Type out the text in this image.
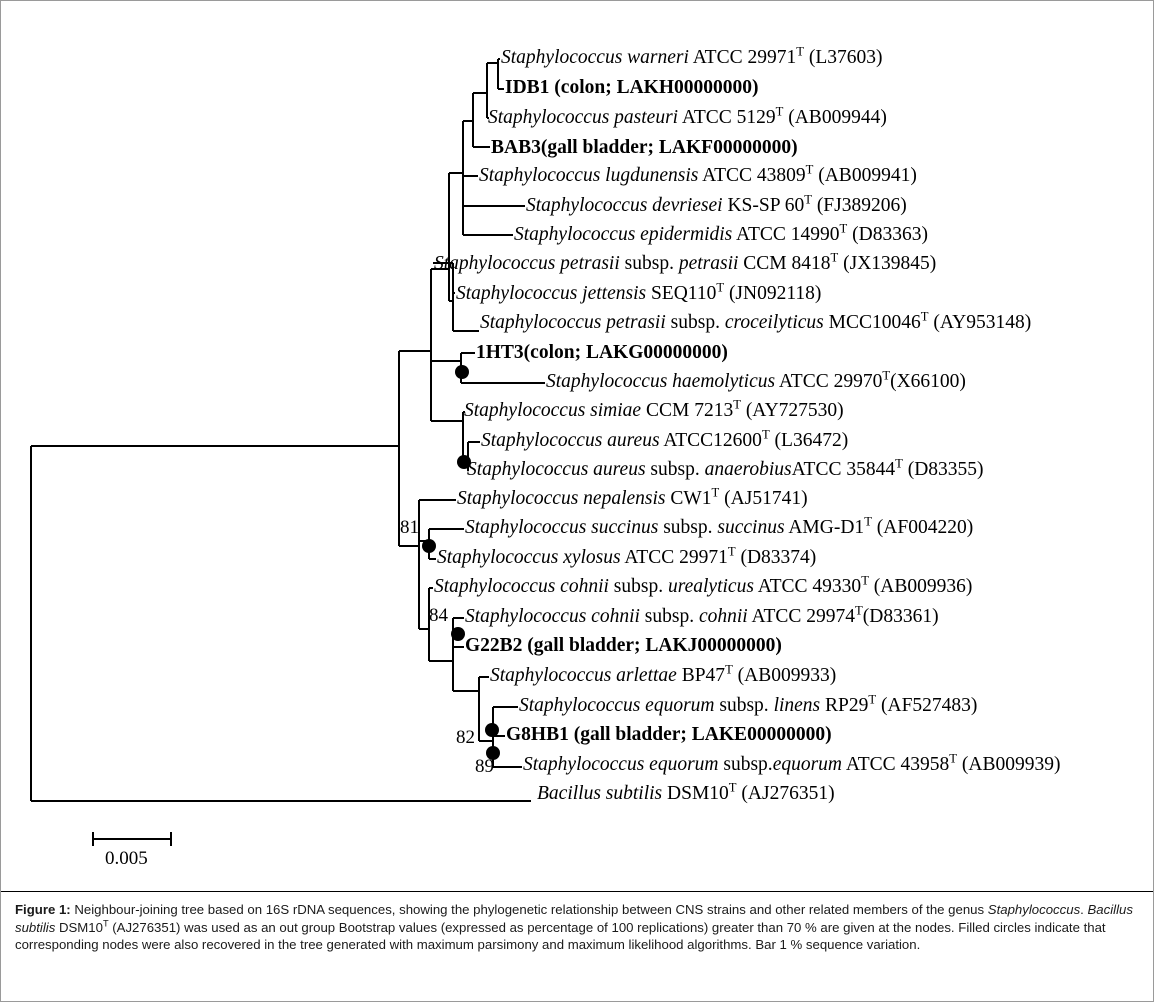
Staphylococcus warneri ATCC $29971^T$ (L37603)
IDB1 (colon; LAKH00000000)
Staphylococcus pasteuri ATCC $5129^T$ (AB009944)
BAB3(gall bladder; LAKF00000000)
Staphylococcus lugdunensis ATCC $43809^T$ (AB009941)
Staphylococcus devriesei KS-SP $60^T$ (FJ389206)
Staphylococcus epidermidis ATCC $14990^T$ (D83363)
Staphylococcus petrasii subsp. petrasii CCM $8418^T$ (JX139845)
Staphylococcus jettensis $SEQ110^T$ (JN092118)
Staphylococcus petrasii subsp. croceilyticus $MCC10046^T$ (AY953148)
1HT3(colon; LAKG00000000)
Staphylococcus haemolyticus ATCC $29970^T(X66100)$
Staphylococcus simiae CCM $7213^T$ (AY727530)
Staphylococcus aureus $ATCC12600^T$ (L36472)
Staphylococcus aureus subsp. anaerobiusATCC $35844^T$ (D83355)
Staphylococcus nepalensis $CW1^T$ (AJ51741)
Staphylococcus succinus subsp. succinus AMG-$D1^T$ (AF004220)
Staphylococcus xylosus ATCC $29971^T$ (D83374)
Staphylococcus cohnii subsp. urealyticus ATCC $49330^T$ (AB009936)
Staphylococcus cohnii subsp. cohnii ATCC $29974^T(D83361)$
G22B2 (gall bladder; LAKJ00000000)
Staphylococcus arlettae $BP47^T$ (AB009933)
Staphylococcus equorum subsp. linens $RP29^T$ (AF527483)
G8HB1 (gall bladder; LAKE00000000)
Staphylococcus equorum subsp.equorum ATCC $43958^T$ (AB009939)
Bacillus subtilis $DSM10^T$ (AJ276351)
81
84
82
89
0.005
Figure 1: Neighbour-joining tree based on 16S rDNA sequences, showing the phylogenetic relationship between CNS strains and other related members of the genus Staphylococcus. Bacillus subtilis $DSM10^T$ (AJ276351) was used as an out group Bootstrap values (expressed as percentage of 100 replications) greater than 70 % are given at the nodes. Filled circles indicate that corresponding nodes were also recovered in the tree generated with maximum parsimony and maximum likelihood algorithms. Bar 1 % sequence variation.
